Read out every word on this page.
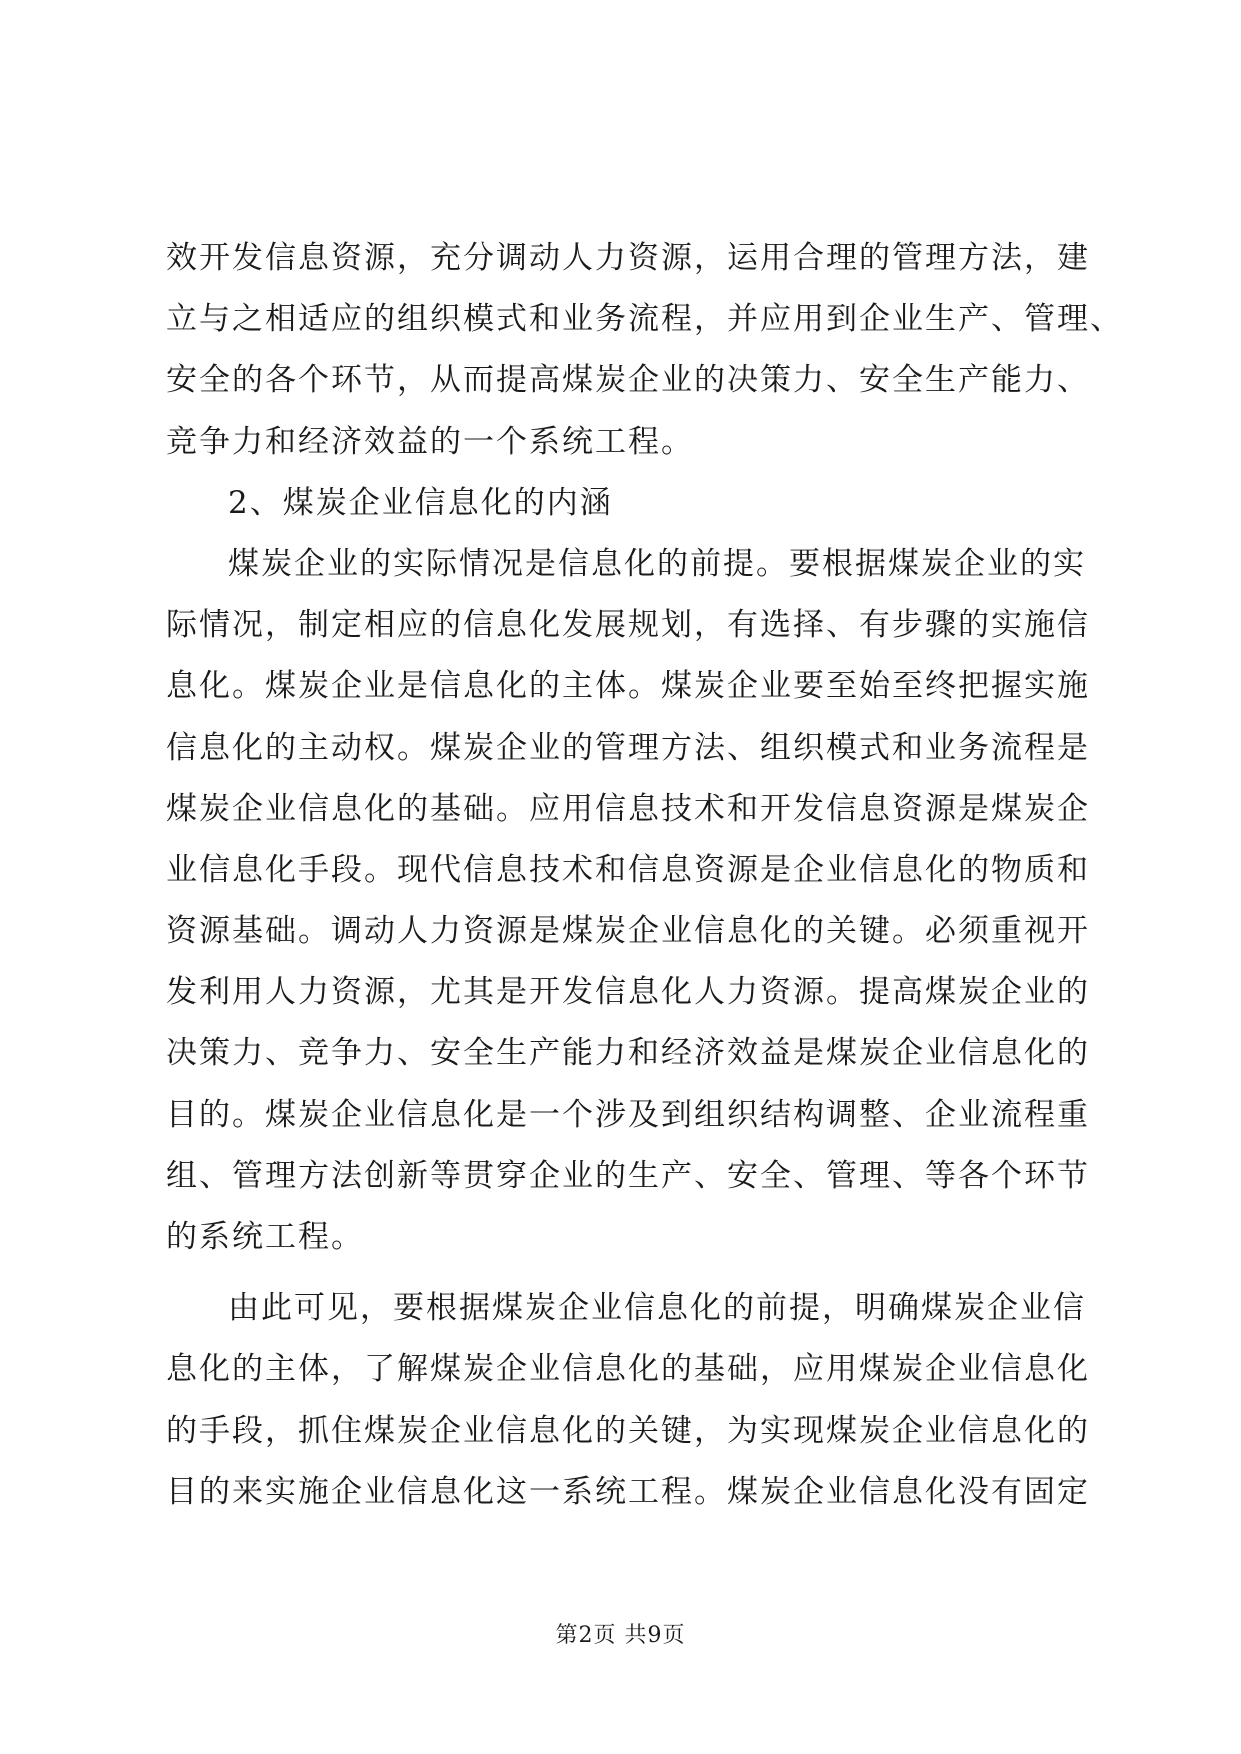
效开发信息资源，充分调动人力资源，运用合理的管理方法，建
立与之相适应的组织模式和业务流程，并应用到企业生产、管理、
安全的各个环节，从而提高煤炭企业的决策力、安全生产能力、
竞争力和经济效益的一个系统工程。
2、煤炭企业信息化的内涵
煤炭企业的实际情况是信息化的前提。要根据煤炭企业的实
际情况，制定相应的信息化发展规划，有选择、有步骤的实施信
息化。煤炭企业是信息化的主体。煤炭企业要至始至终把握实施
信息化的主动权。煤炭企业的管理方法、组织模式和业务流程是
煤炭企业信息化的基础。应用信息技术和开发信息资源是煤炭企
业信息化手段。现代信息技术和信息资源是企业信息化的物质和
资源基础。调动人力资源是煤炭企业信息化的关键。必须重视开
发利用人力资源，尤其是开发信息化人力资源。提高煤炭企业的
决策力、竞争力、安全生产能力和经济效益是煤炭企业信息化的
目的。煤炭企业信息化是一个涉及到组织结构调整、企业流程重
组、管理方法创新等贯穿企业的生产、安全、管理、等各个环节
的系统工程。
由此可见，要根据煤炭企业信息化的前提，明确煤炭企业信
息化的主体，了解煤炭企业信息化的基础，应用煤炭企业信息化
的手段，抓住煤炭企业信息化的关键，为实现煤炭企业信息化的
目的来实施企业信息化这一系统工程。煤炭企业信息化没有固定
第2页 共9页
